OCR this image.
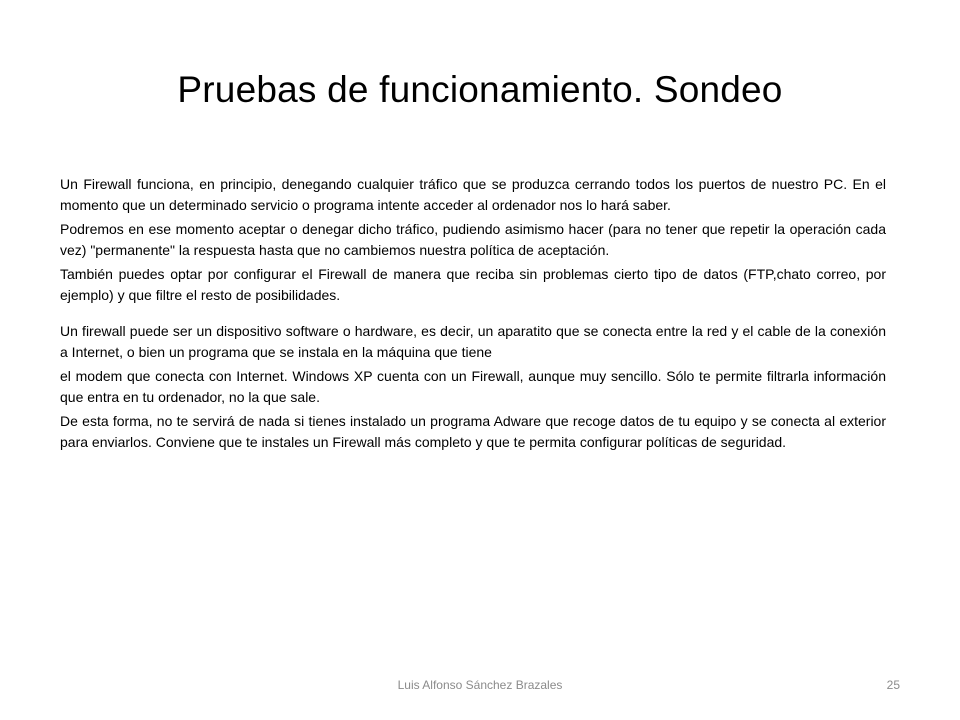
Pruebas de funcionamiento. Sondeo

Un Firewall funciona, en principio, denegando cualquier tráfico que se produzca cerrando todos los puertos de nuestro PC. En el momento que un determinado servicio o programa intente acceder al ordenador nos lo hará saber.

Podremos en ese momento aceptar o denegar dicho tráfico, pudiendo asimismo hacer (para no tener que repetir la operación cada vez) "permanente" la respuesta hasta que no cambiemos nuestra política de aceptación.

También puedes optar por configurar el Firewall de manera que reciba sin problemas cierto tipo de datos (FTP,chato correo, por ejemplo) y que filtre el resto de posibilidades.

Un firewall puede ser un dispositivo software o hardware, es decir, un aparatito que se conecta entre la red y el cable de la conexión a Internet, o bien un programa que se instala en la máquina que tiene

el modem que conecta con Internet. Windows XP cuenta con un Firewall, aunque muy sencillo. Sólo te permite filtrarla información que entra en tu ordenador, no la que sale.

De esta forma, no te servirá de nada si tienes instalado un programa Adware que recoge datos de tu equipo y se conecta al exterior para enviarlos. Conviene que te instales un Firewall más completo y que te permita configurar políticas de seguridad.

Luis Alfonso Sánchez Brazales	25
